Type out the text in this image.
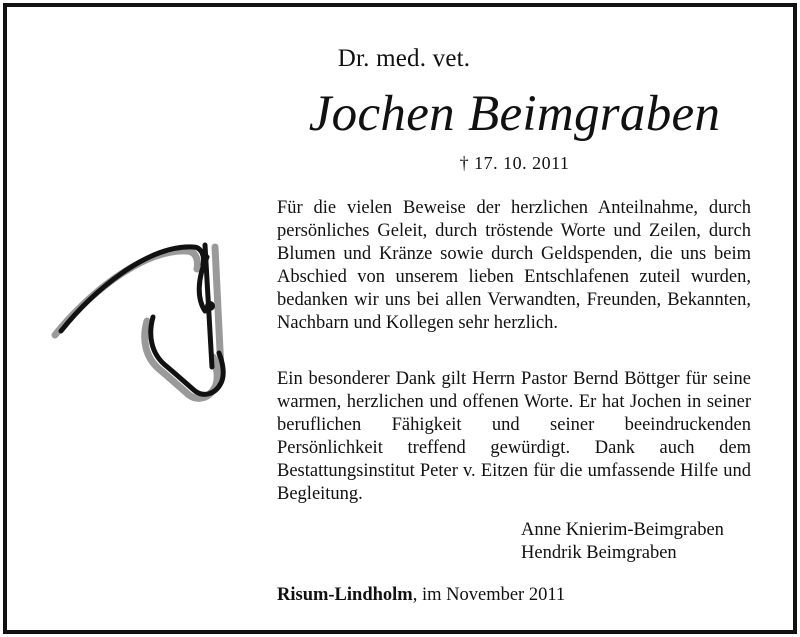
Dr. med. vet.
Jochen Beimgraben
† 17. 10. 2011

Für die vielen Beweise der herzlichen Anteilnahme, durch persönliches Geleit, durch tröstende Worte und Zeilen, durch Blumen und Kränze sowie durch Geldspenden, die uns beim Abschied von unserem lieben Entschlafenen zuteil wurden, bedanken wir uns bei allen Verwandten, Freunden, Bekannten, Nachbarn und Kollegen sehr herzlich.

Ein besonderer Dank gilt Herrn Pastor Bernd Böttger für seine warmen, herzlichen und offenen Worte. Er hat Jochen in seiner beruflichen Fähigkeit und seiner beeindruckenden Persönlichkeit treffend gewürdigt. Dank auch dem Bestattungsinstitut Peter v. Eitzen für die umfassende Hilfe und Begleitung.

Anne Knierim-Beimgraben
Hendrik Beimgraben
Risum-Lindholm, im November 2011
